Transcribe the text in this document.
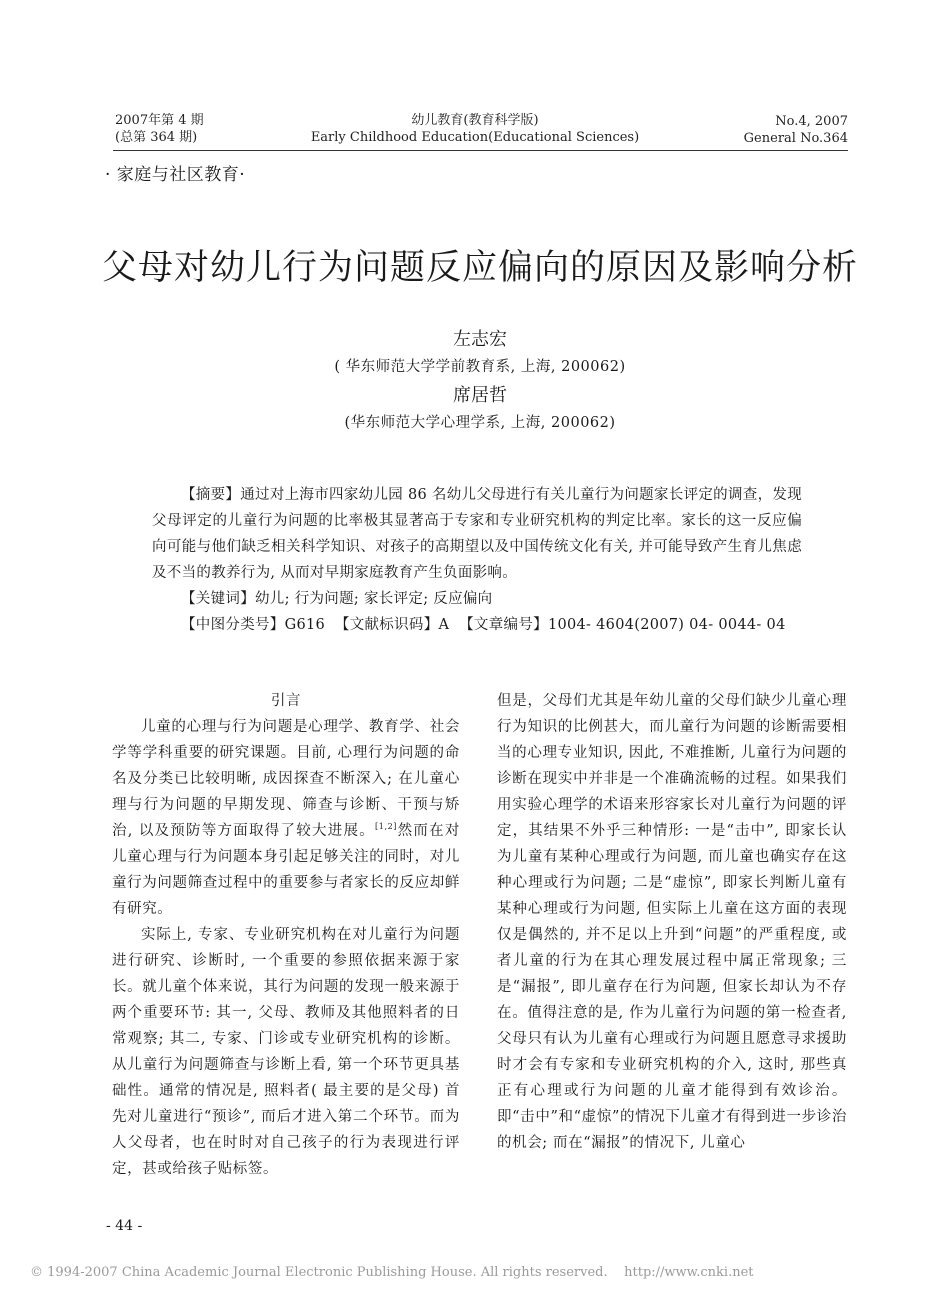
2007年第 4 期
(总第 364 期)
幼儿教育(教育科学版)
Early Childhood Education(Educational Sciences)
No.4, 2007
General No.364
· 家庭与社区教育·
父母对幼儿行为问题反应偏向的原因及影响分析
左志宏
( 华东师范大学学前教育系, 上海, 200062)
席居哲
(华东师范大学心理学系, 上海, 200062)

【摘要】通过对上海市四家幼儿园 86 名幼儿父母进行有关儿童行为问题家长评定的调查，发现父母评定的儿童行为问题的比率极其显著高于专家和专业研究机构的判定比率。家长的这一反应偏向可能与他们缺乏相关科学知识、对孩子的高期望以及中国传统文化有关, 并可能导致产生育儿焦虑及不当的教养行为, 从而对早期家庭教育产生负面影响。

【关键词】幼儿; 行为问题; 家长评定; 反应偏向

【中图分类号】G616 【文献标识码】A 【文章编号】1004- 4604(2007) 04- 0044- 04

引言

儿童的心理与行为问题是心理学、教育学、社会学等学科重要的研究课题。目前, 心理行为问题的命名及分类已比较明晰, 成因探查不断深入; 在儿童心理与行为问题的早期发现、筛查与诊断、干预与矫治, 以及预防等方面取得了较大进展。[1,2]然而在对儿童心理与行为问题本身引起足够关注的同时，对儿童行为问题筛查过程中的重要参与者家长的反应却鲜有研究。

实际上, 专家、专业研究机构在对儿童行为问题进行研究、诊断时, 一个重要的参照依据来源于家长。就儿童个体来说，其行为问题的发现一般来源于两个重要环节: 其一, 父母、教师及其他照料者的日常观察; 其二, 专家、门诊或专业研究机构的诊断。从儿童行为问题筛查与诊断上看, 第一个环节更具基础性。通常的情况是, 照料者( 最主要的是父母) 首先对儿童进行“预诊”, 而后才进入第二个环节。而为人父母者，也在时时对自己孩子的行为表现进行评定，甚或给孩子贴标签。

但是，父母们尤其是年幼儿童的父母们缺少儿童心理行为知识的比例甚大，而儿童行为问题的诊断需要相当的心理专业知识, 因此, 不难推断, 儿童行为问题的诊断在现实中并非是一个准确流畅的过程。如果我们用实验心理学的术语来形容家长对儿童行为问题的评定，其结果不外乎三种情形: 一是“击中”, 即家长认为儿童有某种心理或行为问题, 而儿童也确实存在这种心理或行为问题; 二是“虚惊”, 即家长判断儿童有某种心理或行为问题, 但实际上儿童在这方面的表现仅是偶然的, 并不足以上升到“问题”的严重程度, 或者儿童的行为在其心理发展过程中属正常现象; 三是“漏报”, 即儿童存在行为问题, 但家长却认为不存在。值得注意的是, 作为儿童行为问题的第一检查者, 父母只有认为儿童有心理或行为问题且愿意寻求援助时才会有专家和专业研究机构的介入, 这时, 那些真正有心理或行为问题的儿童才能得到有效诊治。即“击中”和“虚惊”的情况下儿童才有得到进一步诊治的机会; 而在“漏报”的情况下, 儿童心

- 44 -
© 1994-2007 China Academic Journal Electronic Publishing House. All rights reserved.    http://www.cnki.net
